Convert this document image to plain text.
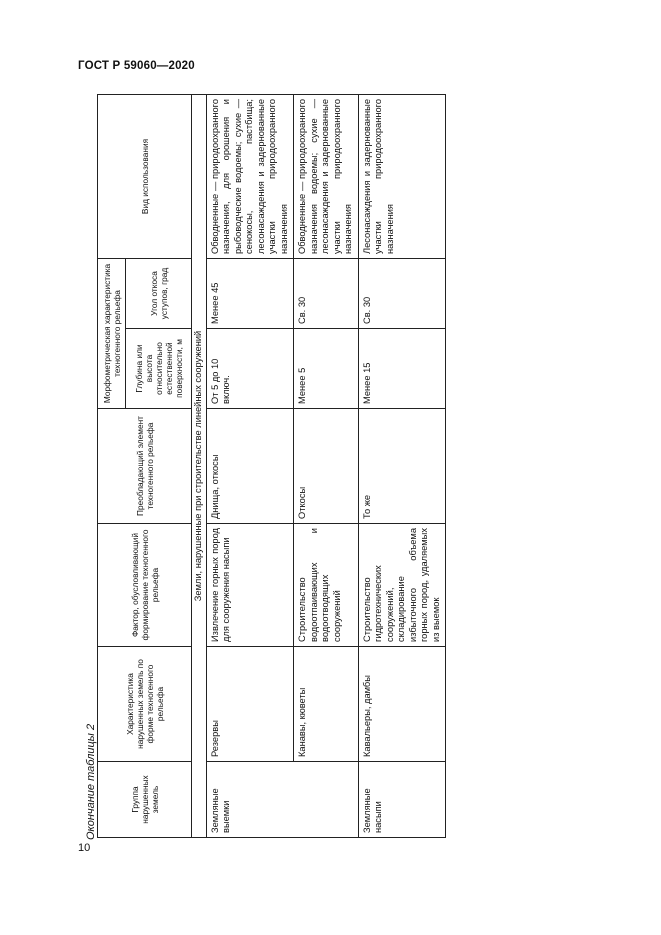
ГОСТ Р 59060—2020
10
Окончание таблицы 2	Группа нарушенных земель	Характеристика нарушенных земель по форме техногенного рельефа	Фактор, обусловливающий формирование техногенного рельефа	Преобладающий элемент техногенного рельефа	Морфометрическая характеристика техногенного рельефа		Вид использования
				Глубина или высота относительно естественной поверхности, м	Угол откоса уступов, град	
Земли, нарушенные при строительстве линейных сооружений						
Земляные выемки	Резервы	Извлечение горных пород для сооружения насыпи	Днища, откосы	От 5 до 10 включ.	Менее 45	Обводненные — природоохранного назначения, для орошения и рыбоводческие водоемы; сухие — сенокосы, пастбища; лесонасаждения и задернованные участки природоохранного назначения
	Канавы, кюветы	Строительство водоотпаивающих и водоотводящих сооружений	Откосы	Менее 5	Св. 30	Обводненные — природоохранного назначения водоемы; сухие — лесонасаждения и задернованные участки природоохранного назначения
Земляные насыпи	Кавальеры, дамбы	Строительство гидротехнических сооружений, складирование избыточного объема горных пород, удаляемых из выемок	То же	Менее 15	Св. 30	Лесонасаждения и задернованные участки природоохранного назначения
